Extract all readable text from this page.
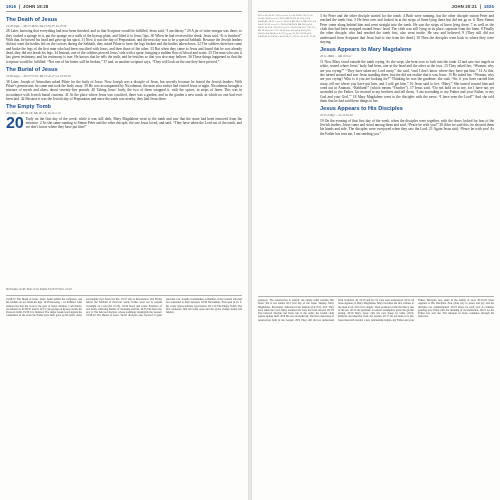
1916  |  JOHN 19:28
The Death of Jesus
19:28-30pp — Mt 27:48,50; Mk 15:36,37; Lk 23:36

28 Later, knowing that everything had now been finished, and so that Scripture would be fulfilled, Jesus said, “I am thirsty.” 29 A jar of wine vinegar was there, so they soaked a sponge in it, put the sponge on a stalk of the hyssop plant, and lifted it to Jesus’ lips. 30 When he had received the drink, Jesus said, “It is finished.” With that, he bowed his head and gave up his spirit. 31 Now it was the day of Preparation, and the next day was to be a special Sabbath. Because the Jewish leaders did not want the bodies left on the crosses during the Sabbath, they asked Pilate to have the legs broken and the bodies taken down. 32 The soldiers therefore came and broke the legs of the first man who had been crucified with Jesus, and then those of the other. 33 But when they came to Jesus and found that he was already dead, they did not break his legs. 34 Instead, one of the soldiers pierced Jesus’ side with a spear, bringing a sudden flow of blood and water. 35 The man who saw it has given testimony, and his testimony is true. He knows that he tells the truth, and he testifies so that you also may believe. 36 These things happened so that the scripture would be fulfilled: “Not one of his bones will be broken,” 37 and, as another scripture says, “They will look on the one they have pierced.”

The Burial of Jesus
19:38-42pp — Mt 27:57-61; Mk 15:42-47; Lk 23:50-56

38 Later, Joseph of Arimathea asked Pilate for the body of Jesus. Now Joseph was a disciple of Jesus, but secretly because he feared the Jewish leaders. With Pilate’s permission, he came and took the body away. 39 He was accompanied by Nicodemus, the man who earlier had visited Jesus at night. Nicodemus brought a mixture of myrrh and aloes, about seventy-five pounds. 40 Taking Jesus’ body, the two of them wrapped it, with the spices, in strips of linen. This was in accordance with Jewish burial customs. 41 At the place where Jesus was crucified, there was a garden, and in the garden a new tomb, in which no one had ever been laid. 42 Because it was the Jewish day of Preparation and since the tomb was nearby, they laid Jesus there.

The Empty Tomb
20:1-8pp — Mt 28:1-8; Mk 16:1-8; Lk 24:1-10

20 Early on the first day of the week, while it was still dark, Mary Magdalene went to the tomb and saw that the stone had been removed from the entrance. 2 So she came running to Simon Peter and the other disciple, the one Jesus loved, and said, “They have taken the Lord out of the tomb, and we don’t know where they have put him!”

36 Exodus 12:46; Num. 9:12; Psalm 34:20 37 Zech. 12:10
19:28-37 The Death of Jesus. Jesus’ death fulfills the scriptures, and the soldiers do not break his legs. 19:28 knowing ... be fulfilled. John underscores that the cross is the goal of Jesus’ mission. I am thirsty. An allusion to Ps 69:21 and Ps 22:15; the sponge on hyssop recalls the Passover lamb. 19:30 It is finished. The single Greek word signals the completion of the work the Father gave him. gave up his spirit. Jesus sovereignly lays down his life. 19:31 day of Preparation. The Friday before the Sabbath of Passover week; bodies were not to remain overnight on a tree (Dt 21:23). 19:34 blood and water. Evidence of real death, reflecting themes of cleansing and life. 19:35 The man who saw it. The beloved disciple, whose testimony undergirds the Gospel. 19:38-42 The Burial of Jesus. Secret disciples step forward at great personal cost. Joseph of Arimathea. A member of the Council who had not consented to their decision. 19:39 Nicodemus. First seen in ch. 3; his costly spices indicate royal honor. 20:1-10 The Empty Tomb. The first witnesses find the tomb open and the grave clothes neatly left behind.
JOHN 20:21  |  1925
20:3 v Lk 24:12 / 20:5 w ver 11; x Jn 19:40 / 20:7 y Jn 11:44 / 20:8 z ver 4 / 20:9 a Mt 22:29; Jn 2:22; b Lk 24:26,46 / 20:11 c ver 5 / 20:12 d Mt 28:2-5; Mk 16:5; Lk 24:4 / 20:13 e ver 15 / 20:14 f Mt 28:9; Mk 16:9; g Lk 24:16; Jn 21:4 / 20:15 h ver 13 / 20:16 i Mt 23:7 / 20:17 j Mt 28:10; k Jn 7:33 / 20:18 l ver 16; m Lk 24:10,23 / 20:19 n Lk 24:36; o Jn 7:13; p ver 21,26 / 20:20 q Lk 24:39,40; Jn 19:34; r Jn 16:20,22 / 20:21 s Jn 3:17; 17:18

3 So Peter and the other disciple started for the tomb. 4 Both were running, but the other disciple outran Peter and reached the tomb first. 5 He bent over and looked in at the strips of linen lying there but did not go in. 6 Then Simon Peter came along behind him and went straight into the tomb. He saw the strips of linen lying there, 7 as well as the cloth that had been wrapped around Jesus’ head. The cloth was still lying in its place, separate from the linen. 8 Finally the other disciple, who had reached the tomb first, also went inside. He saw and believed. 9 (They still did not understand from Scripture that Jesus had to rise from the dead.) 10 Then the disciples went back to where they were staying.

Jesus Appears to Mary Magdalene
20:11-18Ref — Mk 16:9-11

11 Now Mary stood outside the tomb crying. As she wept, she bent over to look into the tomb 12 and saw two angels in white, seated where Jesus’ body had been, one at the head and the other at the foot. 13 They asked her, “Woman, why are you crying?” “They have taken my Lord away,” she said, “and I don’t know where they have put him.” 14 At this, she turned around and saw Jesus standing there, but she did not realize that it was Jesus. 15 He asked her, “Woman, why are you crying? Who is it you are looking for?” Thinking he was the gardener, she said, “Sir, if you have carried him away, tell me where you have put him, and I will get him.” 16 Jesus said to her, “Mary.” She turned toward him and cried out in Aramaic, “Rabboni!” (which means “Teacher”). 17 Jesus said, “Do not hold on to me, for I have not yet ascended to the Father. Go instead to my brothers and tell them, ‘I am ascending to my Father and your Father, to my God and your God.’” 18 Mary Magdalene went to the disciples with the news: “I have seen the Lord!” And she told them that he had said these things to her.

Jesus Appears to His Disciples
20:19-23Ref — Lk 24:36-49

19 On the evening of that first day of the week, when the disciples were together, with the doors locked for fear of the Jewish leaders, Jesus came and stood among them and said, “Peace be with you!” 20 After he said this, he showed them his hands and side. The disciples were overjoyed when they saw the Lord. 21 Again Jesus said, “Peace be with you! As the Father has sent me, I am sending you.”

purposes. The resurrection is central: the empty tomb testifies that Jesus’ life is not ended. 20:1 first day of the week. Sunday. Mary Magdalene. Previously delivered from demons (Lk 8:2). 20:2 They have taken the Lord. Mary assumes the body has been moved. 20:3-9 The beloved disciple and Peter run to the tomb; the folded cloth argues against theft. 20:8 He saw and believed. The first expression of resurrection faith in the Gospel. 20:9 They still did not understand from Scripture. Ps 16:10 and Isa 53 were later understood. 20:11-18 Jesus Appears to Mary Magdalene. Mary becomes the first witness to the risen Lord. 20:12 two angels. Their position recalls the mercy seat of the ark. 20:15 the gardener. A natural assumption given the garden setting. 20:16 Mary. Jesus calls his own sheep by name (10:3). Rabboni. An intensive form, my teacher. 20:17 Do not hold on to me. Jesus must still ascend; a new relationship begins. my Father and your Father. Disciples now share in the family of God. 20:19-23 Jesus Appears to His Disciples. Fear gives way to peace and joy, and the disciples are commissioned. 20:19 Peace be with you! A common greeting now filled with the meaning of reconciliation. 20:21 As the Father has sent me. The mission of Jesus continues through his followers.
